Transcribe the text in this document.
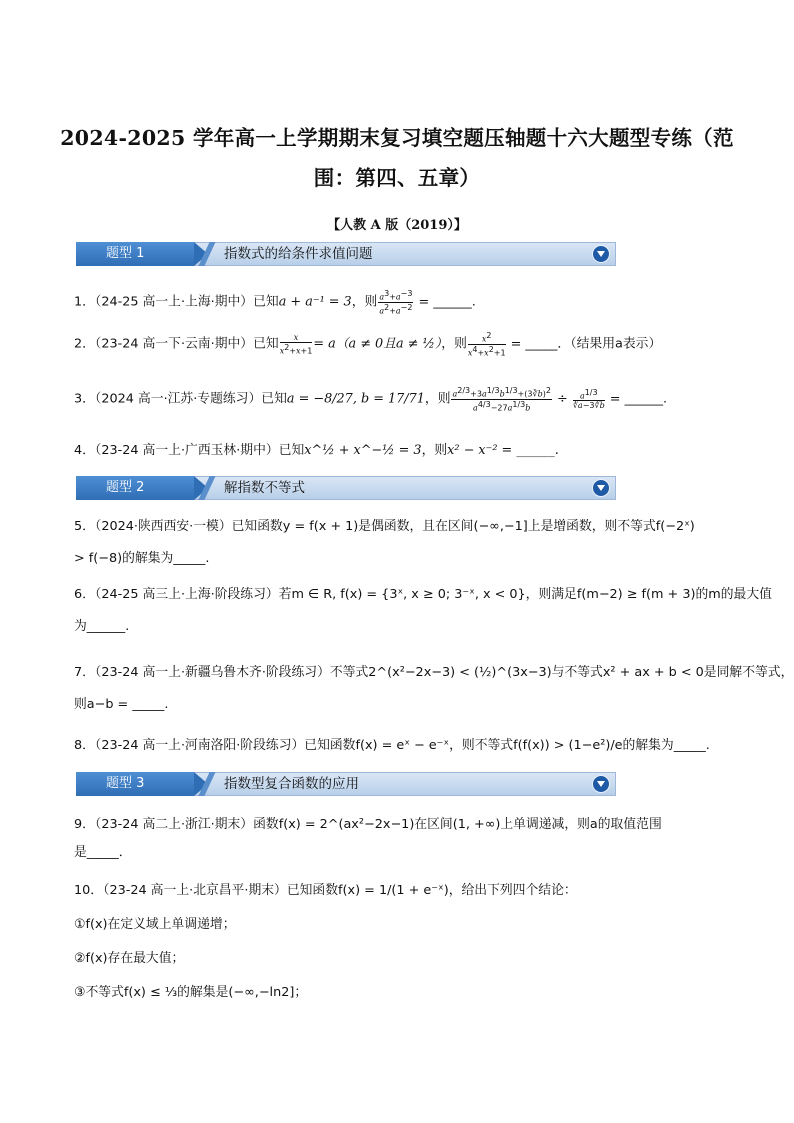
2024-2025 学年高一上学期期末复习填空题压轴题十六大题型专练（范
围：第四、五章）
【人教 A 版（2019）】
题型 1	指数式的给条件求值问题
1．（24-25 高一上·上海·期中）已知a + a⁻¹ = 3，则 $\frac{a^3+a^{-3}}{a^2+a^{-2}}$ = ______.
2．（23-24 高一下·云南·期中）已知 $\frac{x}{x^2+x+1} = a(a \ne 0$且a ≠ ½），则 $\frac{x^2}{x^4+x^2+1}$ = _____．（结果用a表示）
3．（2024 高一·江苏·专题练习）已知a = −8/27, b = 17/71，则 $\frac{a^{2/3}+3a^{1/3}b^{1/3}+(3∛b)^2}{a^{4/3}-27a^{1/3}b} \div \frac{a^{1/3}}{∛a-3∛b}$ = ______.
4．（23-24 高一上·广西玉林·期中）已知x^½ + x^−½ = 3，则x² − x⁻² = ______.
题型 2	解指数不等式
5．（2024·陕西西安·一模）已知函数y = f(x + 1)是偶函数，且在区间(−∞,−1]上是增函数，则不等式f(−2ˣ)
> f(−8)的解集为_____.
6．（24-25 高三上·上海·阶段练习）若m ∈ R, f(x) = {3ˣ, x ≥ 0; 3⁻ˣ, x < 0}，则满足f(m−2) ≥ f(m + 3)的m的最大值
为______.
7．（23-24 高一上·新疆乌鲁木齐·阶段练习）不等式2^(x²−2x−3) < (½)^(3x−3)与不等式x² + ax + b < 0是同解不等式，
则a−b = _____.
8．（23-24 高一上·河南洛阳·阶段练习）已知函数f(x) = eˣ − e⁻ˣ，则不等式f(f(x)) > (1−e²)/e的解集为_____.
题型 3	指数型复合函数的应用
9．（23-24 高二上·浙江·期末）函数f(x) = 2^(ax²−2x−1)在区间(1, +∞)上单调递减，则a的取值范围
是_____．
10．（23-24 高一上·北京昌平·期末）已知函数f(x) = 1/(1 + e⁻ˣ)，给出下列四个结论：
①f(x)在定义域上单调递增；
②f(x)存在最大值；
③不等式f(x) ≤ ⅓的解集是(−∞,−ln2]；
